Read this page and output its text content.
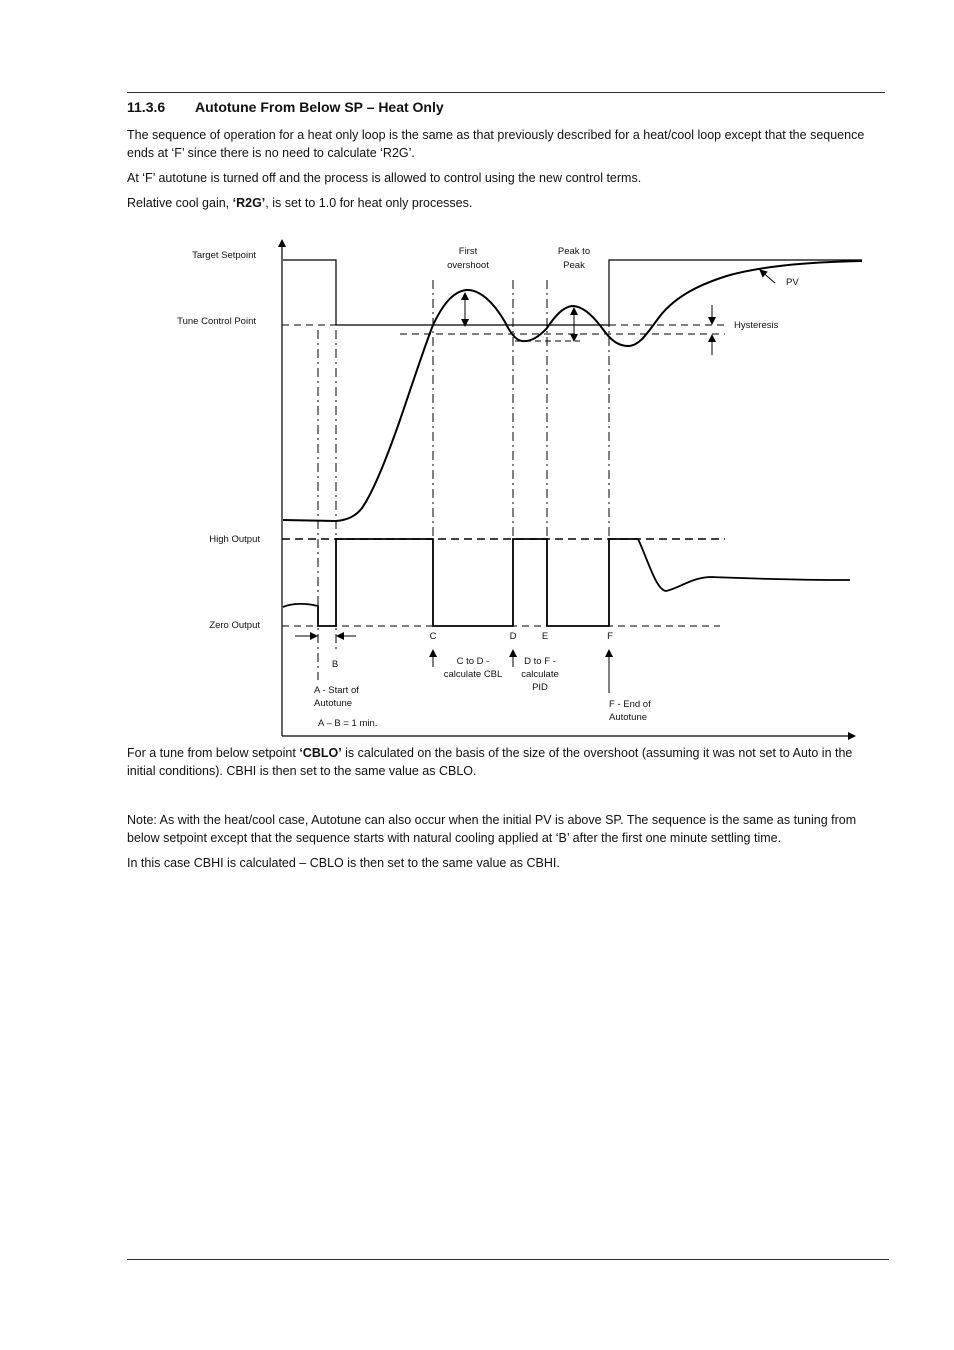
11.3.6 Autotune From Below SP – Heat Only
The sequence of operation for a heat only loop is the same as that previously described for a heat/cool loop except that the sequence ends at ‘F’ since there is no need to calculate ‘R2G’.
At ‘F’ autotune is turned off and the process is allowed to control using the new control terms.
Relative cool gain, ‘R2G’, is set to 1.0 for heat only processes.
Target Setpoint
Tune Control Point
High Output
Zero Output
First
overshoot
Peak to
Peak
PV
Hysteresis
C	D	E	F
B
A - Start of
Autotune
A – B = 1 min.
C to D -
calculate CBL
D to F -
calculate
PID
F - End of
Autotune
For a tune from below setpoint ‘CBLO’ is calculated on the basis of the size of the overshoot (assuming it was not set to Auto in the initial conditions). CBHI is then set to the same value as CBLO.
Note: As with the heat/cool case, Autotune can also occur when the initial PV is above SP. The sequence is the same as tuning from below setpoint except that the sequence starts with natural cooling applied at ‘B’ after the first one minute settling time.
In this case CBHI is calculated – CBLO is then set to the same value as CBHI.
